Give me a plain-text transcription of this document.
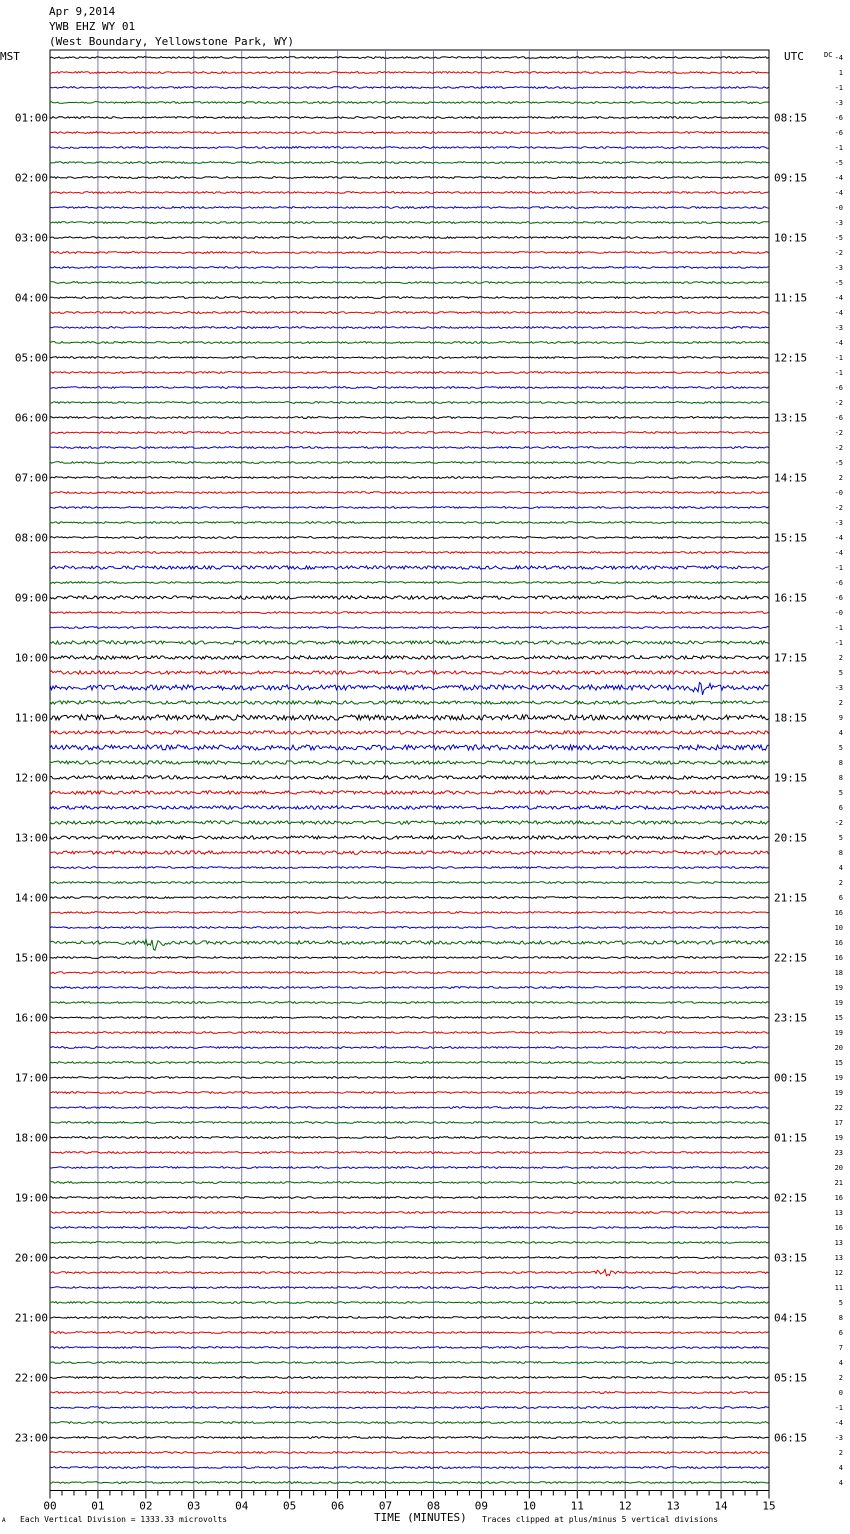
Apr 9,2014
YWB EHZ WY 01
(West Boundary, Yellowstone Park, WY)
-4
1
-1
-3
-6
-6
-1
-5
-4
-4
-0
-3
-5
-2
-3
-5
-4
-4
-3
-4
-1
-1
-6
-2
-6
-2
-2
-5
2
-0
-2
-3
-4
-4
-1
-6
-6
-0
-1
-1
2
5
-3
2
9
4
5
8
8
5
6
-2
5
8
4
2
6
16
10
16
16
18
19
19
15
19
20
15
19
19
22
17
19
23
20
21
16
13
16
13
13
12
11
5
8
6
7
4
2
0
-1
-4
-3
2
4
4
MST	UTC	DC
01:00
02:00
03:00
04:00
05:00
06:00
07:00
08:00
09:00
10:00
11:00
12:00
13:00
14:00
15:00
16:00
17:00
18:00
19:00
20:00
21:00
22:00
23:00
08:15
09:15
10:15
11:15
12:15
13:15
14:15
15:15
16:15
17:15
18:15
19:15
20:15
21:15
22:15
23:15
00:15
01:15
02:15
03:15
04:15
05:15
06:15
00	01	02	03	04	05	06	07	08	09	10	11	12	13	14	15
A Each Vertical Division = 1333.33 microvolts	TIME (MINUTES) Traces clipped at plus/minus 5 vertical divisions
